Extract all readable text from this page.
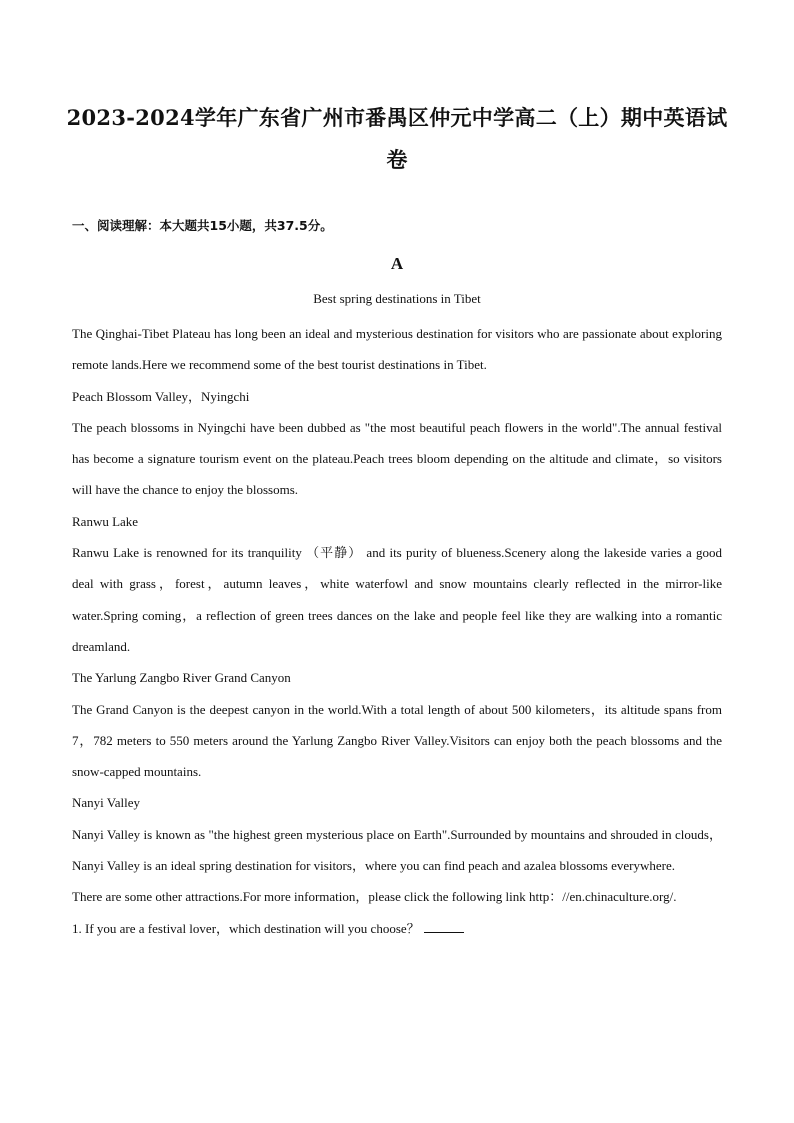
2023-2024学年广东省广州市番禺区仲元中学高二（上）期中英语试卷
一、阅读理解：本大题共15小题，共37.5分。
A
Best spring destinations in Tibet

The Qinghai-Tibet Plateau has long been an ideal and mysterious destination for visitors who are passionate about exploring remote lands.Here we recommend some of the best tourist destinations in Tibet.

Peach Blossom Valley，Nyingchi

The peach blossoms in Nyingchi have been dubbed as "the most beautiful peach flowers in the world".The annual festival has become a signature tourism event on the plateau.Peach trees bloom depending on the altitude and climate，so visitors will have the chance to enjoy the blossoms.

Ranwu Lake

Ranwu Lake is renowned for its tranquility （平静） and its purity of blueness.Scenery along the lakeside varies a good deal with grass，forest，autumn leaves，white waterfowl and snow mountains clearly reflected in the mirror-like water.Spring coming，a reflection of green trees dances on the lake and people feel like they are walking into a romantic dreamland.

The Yarlung Zangbo River Grand Canyon

The Grand Canyon is the deepest canyon in the world.With a total length of about 500 kilometers，its altitude spans from 7，782 meters to 550 meters around the Yarlung Zangbo River Valley.Visitors can enjoy both the peach blossoms and the snow-capped mountains.

Nanyi Valley

Nanyi Valley is known as "the highest green mysterious place on Earth".Surrounded by mountains and shrouded in clouds，Nanyi Valley is an ideal spring destination for visitors，where you can find peach and azalea blossoms everywhere.

There are some other attractions.For more information，please click the following link http：//en.chinaculture.org/.

1. If you are a festival lover，which destination will you choose？
